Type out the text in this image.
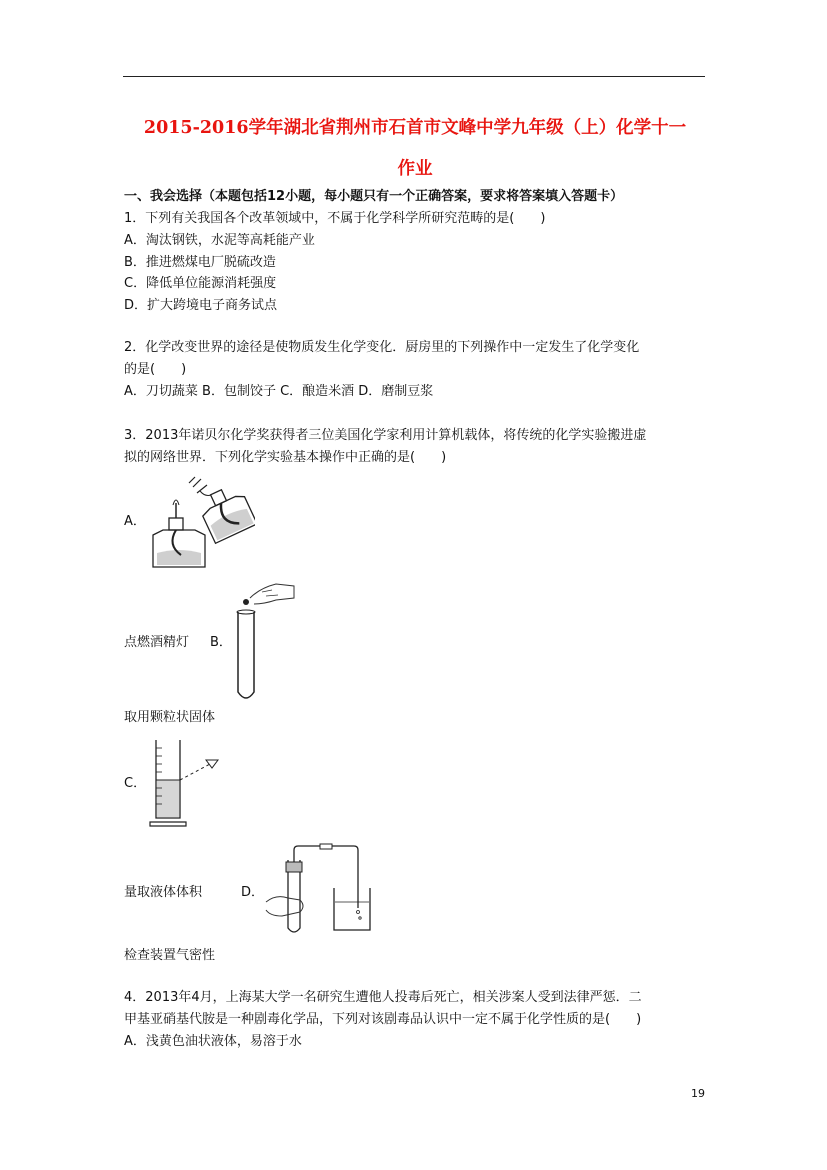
2015-2016学年湖北省荆州市石首市文峰中学九年级（上）化学十一
作业
一、我会选择（本题包括12小题，每小题只有一个正确答案，要求将答案填入答题卡）
1．下列有关我国各个改革领域中，不属于化学科学所研究范畴的是(　　)
A．淘汰钢铁，水泥等高耗能产业
B．推进燃煤电厂脱硫改造
C．降低单位能源消耗强度
D．扩大跨境电子商务试点
2．化学改变世界的途径是使物质发生化学变化．厨房里的下列操作中一定发生了化学变化
的是(　　)
A．刀切蔬菜 B．包制饺子 C．酿造米酒 D．磨制豆浆
3．2013年诺贝尔化学奖获得者三位美国化学家利用计算机载体，将传统的化学实验搬进虚
拟的网络世界．下列化学实验基本操作中正确的是(　　)
A．
点燃酒精灯 B．
取用颗粒状固体
C．
量取液体体积	D．
检查装置气密性
4．2013年4月，上海某大学一名研究生遭他人投毒后死亡，相关涉案人受到法律严惩．二
甲基亚硝基代胺是一种剧毒化学品，下列对该剧毒品认识中一定不属于化学性质的是(　　)
A．浅黄色油状液体，易溶于水
19
